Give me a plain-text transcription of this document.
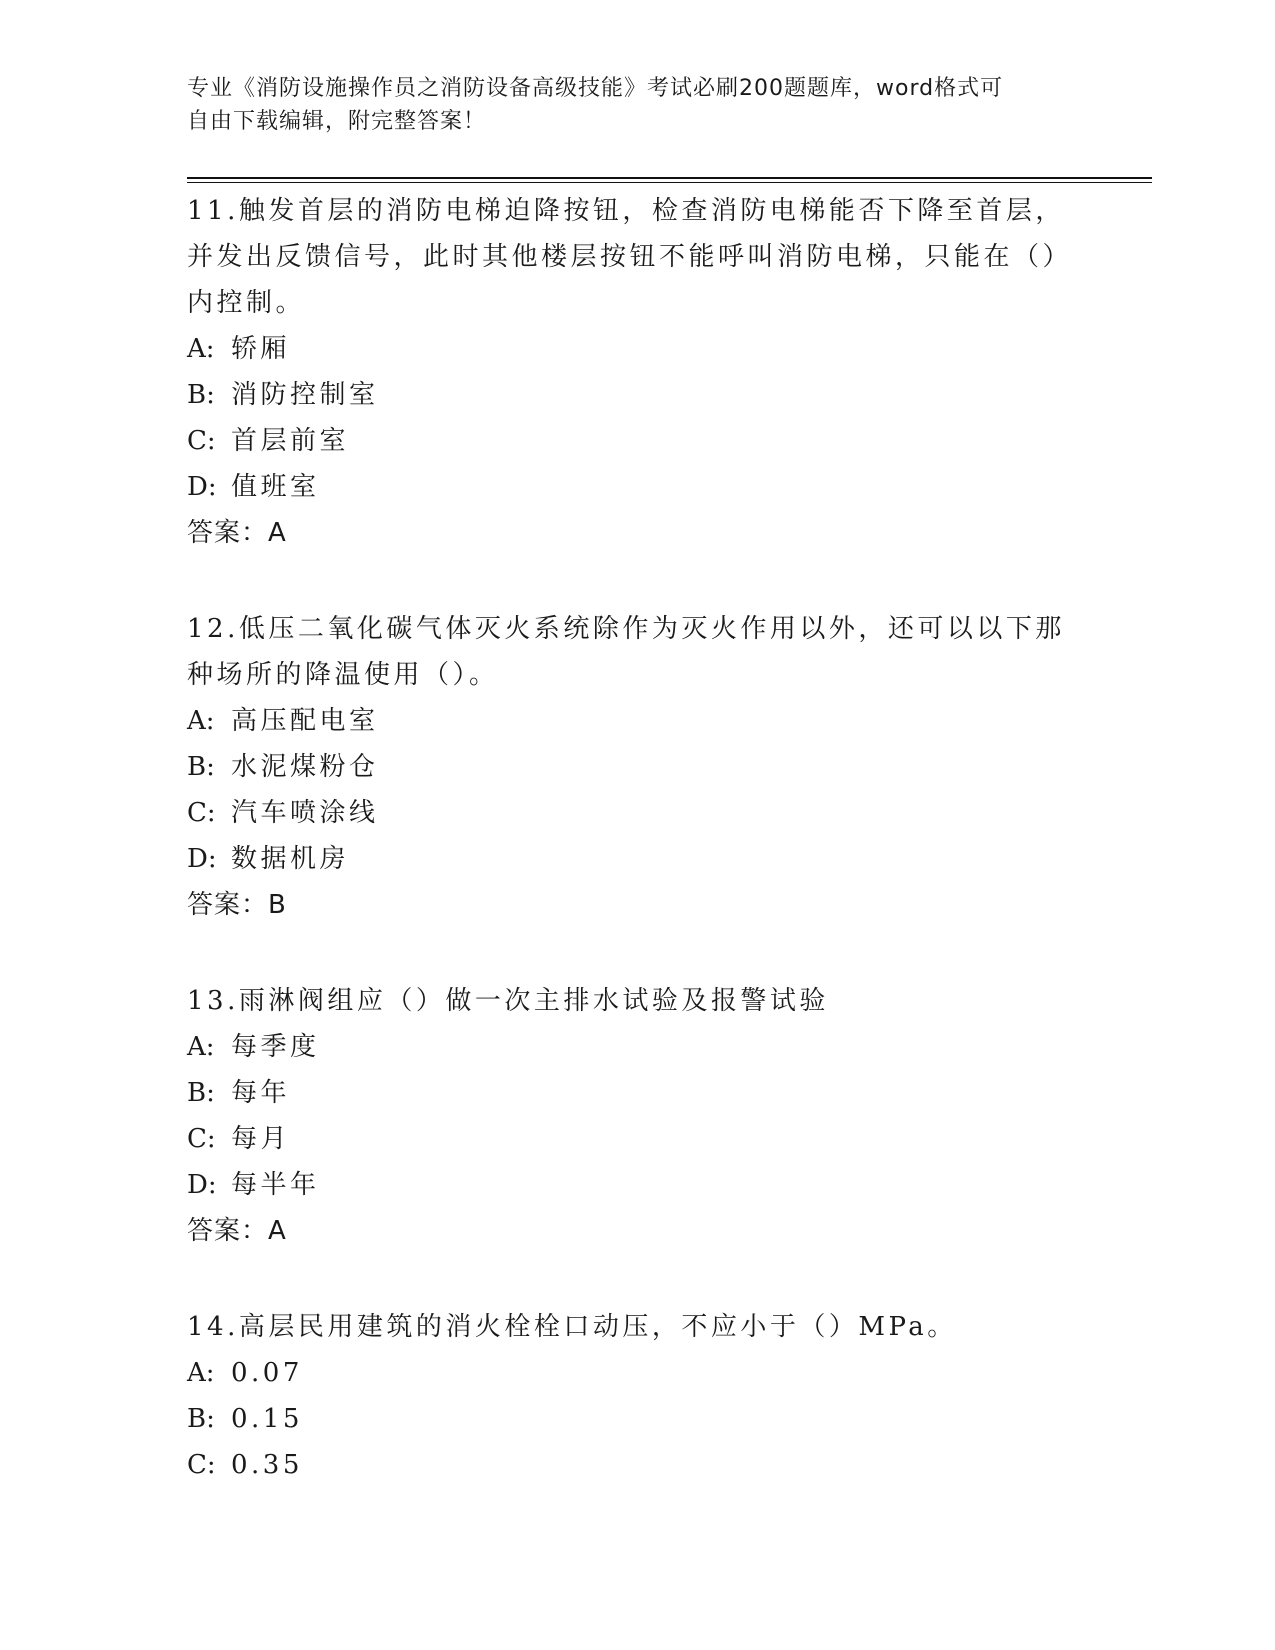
专业《消防设施操作员之消防设备高级技能》考试必刷200题题库，word格式可
自由下载编辑，附完整答案！

11.触发首层的消防电梯迫降按钮，检查消防电梯能否下降至首层，并发出反馈信号，此时其他楼层按钮不能呼叫消防电梯，只能在（）内控制。

A: 轿厢

B: 消防控制室

C: 首层前室

D: 值班室

答案：A

12.低压二氧化碳气体灭火系统除作为灭火作用以外，还可以以下那种场所的降温使用（）。

A: 高压配电室

B: 水泥煤粉仓

C: 汽车喷涂线

D: 数据机房

答案：B

13.雨淋阀组应（）做一次主排水试验及报警试验

A: 每季度

B: 每年

C: 每月

D: 每半年

答案：A

14.高层民用建筑的消火栓栓口动压，不应小于（）MPa。

A: 0.07

B: 0.15

C: 0.35
